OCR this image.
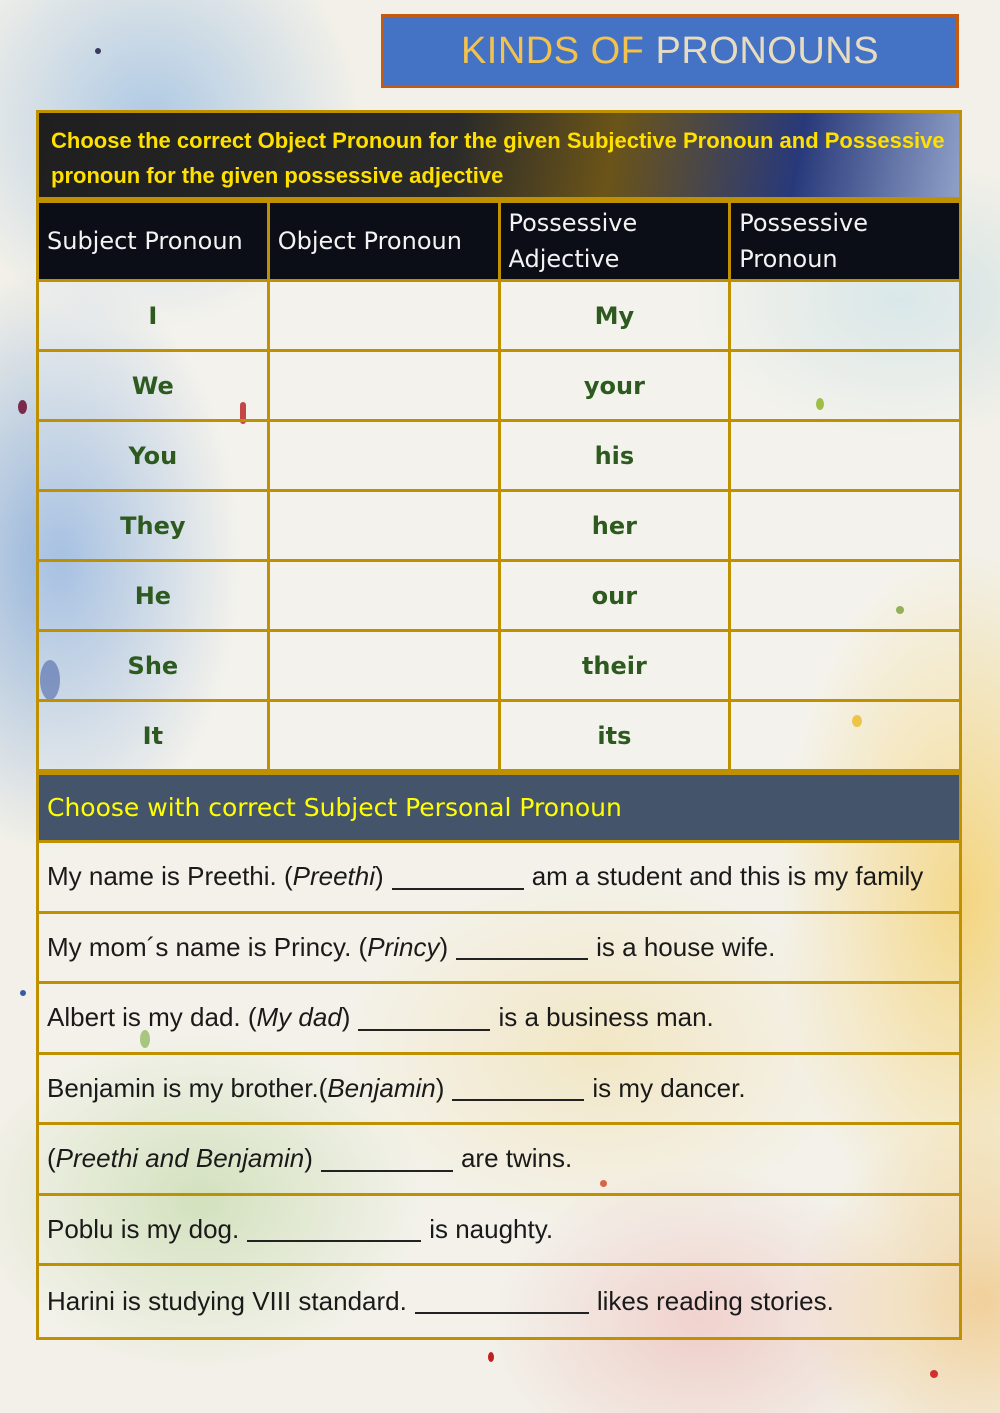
KINDS OF PRONOUNS
Choose the correct Object Pronoun for the given Subjective Pronoun and Possessive pronoun for the given possessive adjective
Subject Pronoun	Object Pronoun	Possessive Adjective	Possessive Pronoun
I		My	
We		your	
You		his	
They		her	
He		our	
She		their	
It		its	
Choose with correct Subject Personal Pronoun
My name is Preethi. ( Preethi )	am a student and this is my family
My mom´s name is Princy. ( Princy )	is a house wife.
Albert is my dad. ( My dad )	is a business man.
Benjamin is my brother.( Benjamin )	is my dancer.
( Preethi and Benjamin )	are twins.
Poblu is my dog.	is naughty.
Harini is studying VIII standard.	likes reading stories.
